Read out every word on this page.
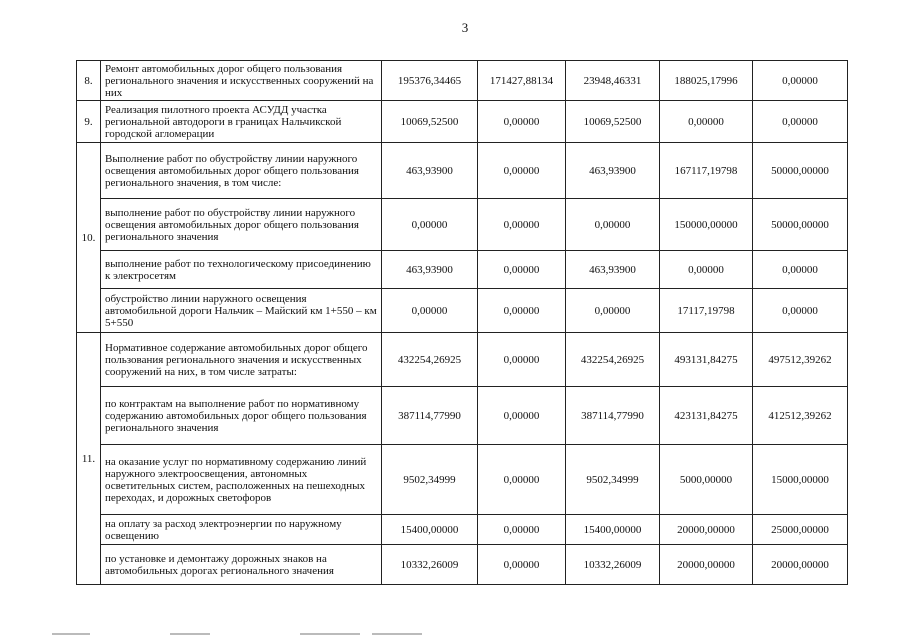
3
8.	Ремонт автомобильных дорог общего пользования регионального значения и искусственных сооружений на них	195376,34465	171427,88134	23948,46331	188025,17996	0,00000
9.	Реализация пилотного проекта АСУДД участка региональной автодороги в границах Нальчикской городской агломерации	10069,52500	0,00000	10069,52500	0,00000	0,00000
10.	Выполнение работ по обустройству линии наружного освещения автомобильных дорог общего пользования регионального значения, в том числе:	463,93900	0,00000	463,93900	167117,19798	50000,00000
	выполнение работ по обустройству линии наружного освещения автомобильных дорог общего пользования регионального значения	0,00000	0,00000	0,00000	150000,00000	50000,00000
	выполнение работ по технологическому присоединению к электросетям	463,93900	0,00000	463,93900	0,00000	0,00000
	обустройство линии наружного освещения автомобильной дороги Нальчик – Майский км 1+550 – км 5+550	0,00000	0,00000	0,00000	17117,19798	0,00000
11.	Нормативное содержание автомобильных дорог общего пользования регионального значения и искусственных сооружений на них, в том числе затраты:	432254,26925	0,00000	432254,26925	493131,84275	497512,39262
	по контрактам на выполнение работ по нормативному содержанию автомобильных дорог общего пользования регионального значения	387114,77990	0,00000	387114,77990	423131,84275	412512,39262
	на оказание услуг по нормативному содержанию линий наружного электроосвещения, автономных осветительных систем, расположенных на пешеходных переходах, и дорожных светофоров	9502,34999	0,00000	9502,34999	5000,00000	15000,00000
	на оплату за расход электроэнергии по наружному освещению	15400,00000	0,00000	15400,00000	20000,00000	25000,00000
	по установке и демонтажу дорожных знаков на автомобильных дорогах регионального значения	10332,26009	0,00000	10332,26009	20000,00000	20000,00000
